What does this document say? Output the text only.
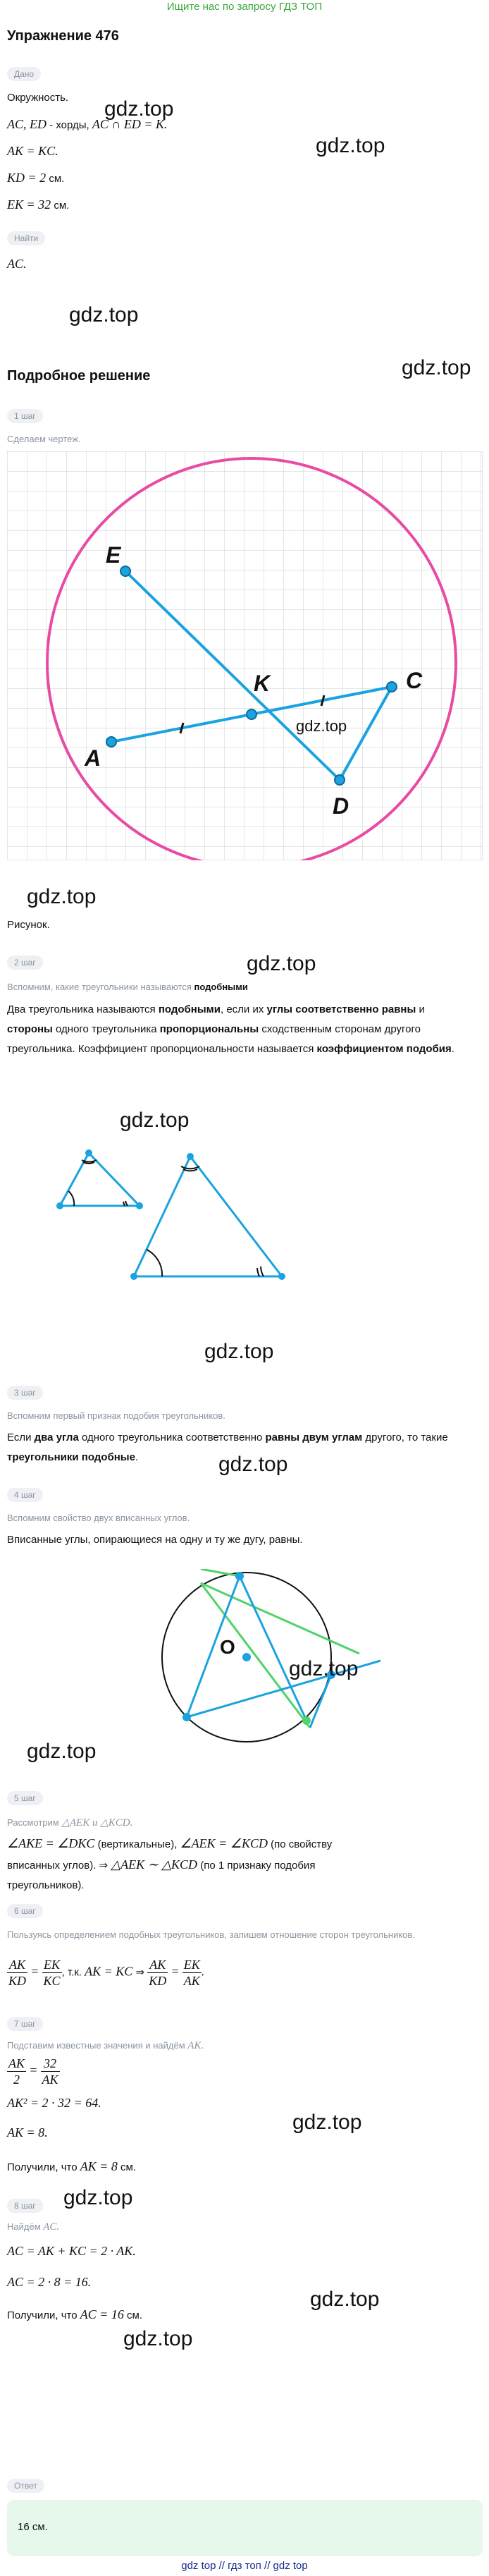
Ищите нас по запросу ГДЗ ТОП
Упражнение 476
Дано
Окружность.
AC, ED - хорды, AC ∩ ED = K.
AK = KC.
KD = 2 см.
EK = 32 см.
Найти
AC.
gdz.top
gdz.top
gdz.top
gdz.top
Подробное решение
1 шаг
Сделаем чертеж.
E
K	C
A
D
gdz.top
gdz.top
Рисунок.
2 шаг	gdz.top
Вспомним, какие треугольники называются подобными
Два треугольника называются подобными, если их углы соответственно равны и стороны одного треугольника пропорциональны сходственным сторонам другого треугольника. Коэффициент пропорциональности называется коэффициентом подобия.
gdz.top
gdz.top
3 шаг
Вспомним первый признак подобия треугольников.
Если два угла одного треугольника соответственно равны двум углам другого, то такие треугольники подобные.	gdz.top
4 шаг
Вспомним свойство двух вписанных углов.
Вписанные углы, опирающиеся на одну и ту же дугу, равны.
O
gdz.top
gdz.top
5 шаг
Рассмотрим △AEK и △KCD.
∠AKE = ∠DKC (вертикальные), ∠AEK = ∠KCD (по свойству
вписанных углов). ⇒ △AEK ∼ △KCD (по 1 признаку подобия
треугольников).
6 шаг
Пользуясь определением подобных треугольников, запишем отношение сторон треугольников.
$\frac{AK}{KD} = \frac{EK}{KC}$ , т.к. AK = KC ⇒ $\frac{AK}{KD} = \frac{EK}{AK}$ .
7 шаг
Подставим известные значения и найдём AK.
$\frac{AK}{2} = \frac{32}{AK}$
AK² = 2 · 32 = 64.
AK = 8.	gdz.top
Получили, что AK = 8 см.
gdz.top
8 шаг
Найдём AC.
AC = AK + KC = 2 · AK.
AC = 2 · 8 = 16.
gdz.top
Получили, что AC = 16 см.
gdz.top
Ответ
16 см.
gdz top // гдз топ // gdz top
